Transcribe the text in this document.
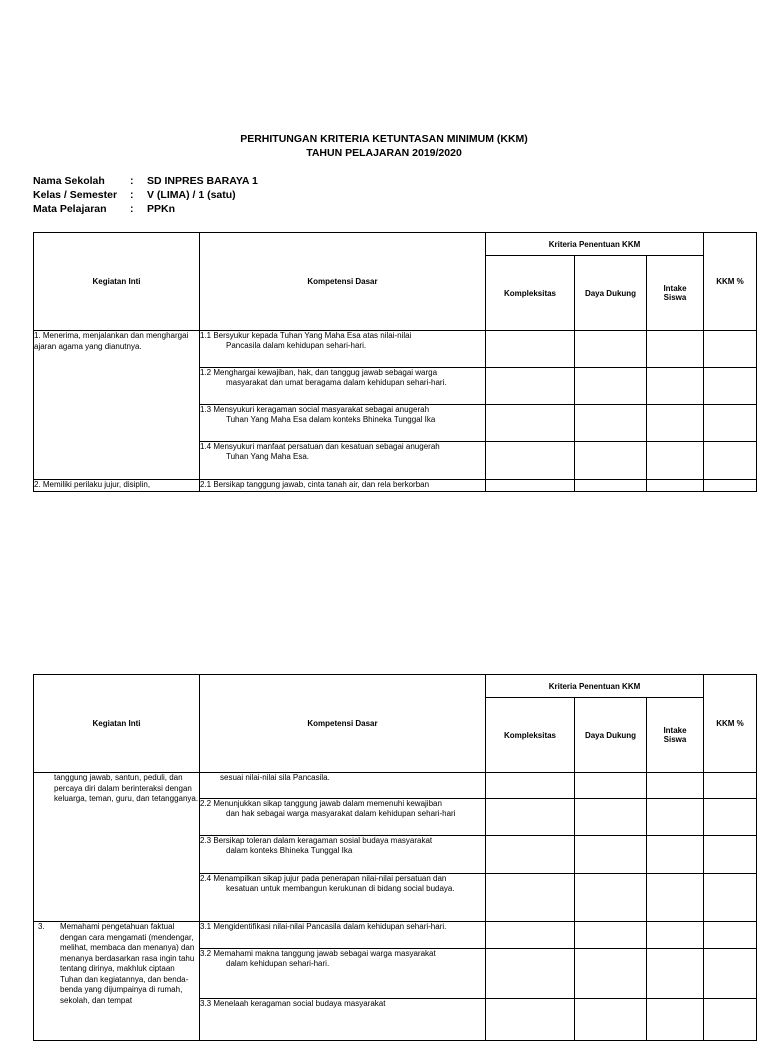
PERHITUNGAN KRITERIA KETUNTASAN MINIMUM (KKM)
TAHUN PELAJARAN 2019/2020
Nama Sekolah : SD INPRES BARAYA 1
Kelas / Semester : V (LIMA) / 1 (satu)
Mata Pelajaran : PPKn
Kegiatan Inti	Kompetensi Dasar	Kriteria Penentuan KKM			KKM %
		Kompleksitas	Daya Dukung	Intake
Siswa	
1. Menerima, menjalankan dan menghargai ajaran agama yang dianutnya.	1.1 Bersyukur kepada Tuhan Yang Maha Esa atas nilai-nilai
Pancasila dalam kehidupan sehari-hari.				

	1.2 Menghargai kewajiban, hak, dan tanggug jawab sebagai warga
masyarakat dan umat beragama dalam kehidupan sehari-hari.				

	1.3 Mensyukuri keragaman social masyarakat sebagai anugerah
Tuhan Yang Maha Esa dalam konteks Bhineka Tunggal Ika				

	1.4 Mensyukuri manfaat persatuan dan kesatuan sebagai anugerah
Tuhan Yang Maha Esa.				

2. Memiliki perilaku jujur, disiplin,	2.1 Bersikap tanggung jawab, cinta tanah air, dan rela berkorban				

Kegiatan Inti	Kompetensi Dasar	Kriteria Penentuan KKM			KKM %
		Kompleksitas	Daya Dukung	Intake
Siswa	
tanggung jawab, santun, peduli, dan percaya diri dalam berinteraksi dengan keluarga, teman, guru, dan tetangganya.	sesuai nilai-nilai sila Pancasila.				
	2.2 Menunjukkan sikap tanggung jawab dalam memenuhi kewajiban
dan hak sebagai warga masyarakat dalam kehidupan sehari-hari				

	2.3 Bersikap toleran dalam keragaman sosial budaya masyarakat
dalam konteks Bhineka Tunggal Ika				

	2.4 Menampilkan sikap jujur pada penerapan nilai-nilai persatuan dan
kesatuan untuk membangun kerukunan di bidang social budaya.				

3. Memahami pengetahuan faktual dengan cara mengamati (mendengar, melihat, membaca dan menanya) dan menanya berdasarkan rasa ingin tahu tentang dirinya, makhluk ciptaan Tuhan dan kegiatannya, dan benda-benda yang dijumpainya di rumah, sekolah, dan tempat	3.1 Mengidentifikasi nilai-nilai Pancasila dalam kehidupan sehari-hari.				
	3.2 Memahami makna tanggung jawab sebagai warga masyarakat
dalam kehidupan sehari-hari.				

	3.3 Menelaah keragaman social budaya masyarakat				
